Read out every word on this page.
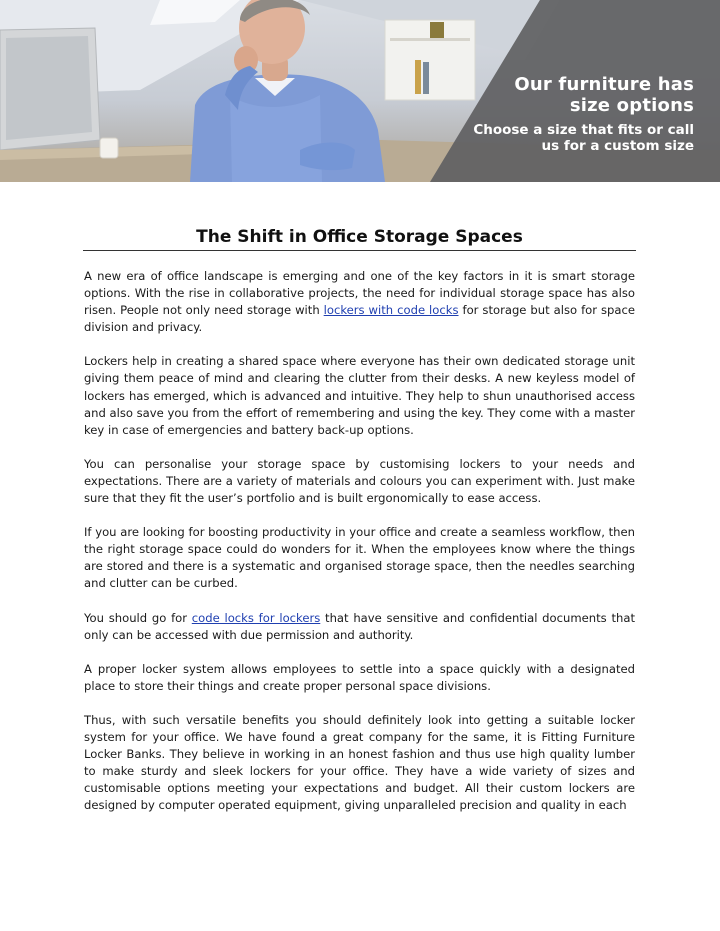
Our furniture has
size options
Choose a size that fits or call
us for a custom size
The Shift in Office Storage Spaces

A new era of office landscape is emerging and one of the key factors in it is smart storage options. With the rise in collaborative projects, the need for individual storage space has also risen. People not only need storage with lockers with code locks for storage but also for space division and privacy.

Lockers help in creating a shared space where everyone has their own dedicated storage unit giving them peace of mind and clearing the clutter from their desks. A new keyless model of lockers has emerged, which is advanced and intuitive. They help to shun unauthorised access and also save you from the effort of remembering and using the key. They come with a master key in case of emergencies and battery back-up options.

You can personalise your storage space by customising lockers to your needs and expectations. There are a variety of materials and colours you can experiment with. Just make sure that they fit the user’s portfolio and is built ergonomically to ease access.

If you are looking for boosting productivity in your office and create a seamless workflow, then the right storage space could do wonders for it. When the employees know where the things are stored and there is a systematic and organised storage space, then the needles searching and clutter can be curbed.

You should go for code locks for lockers that have sensitive and confidential documents that only can be accessed with due permission and authority.

A proper locker system allows employees to settle into a space quickly with a designated place to store their things and create proper personal space divisions.

Thus, with such versatile benefits you should definitely look into getting a suitable locker system for your office. We have found a great company for the same, it is Fitting Furniture Locker Banks. They believe in working in an honest fashion and thus use high quality lumber to make sturdy and sleek lockers for your office. They have a wide variety of sizes and customisable options meeting your expectations and budget. All their custom lockers are designed by computer operated equipment, giving unparalleled precision and quality in each
